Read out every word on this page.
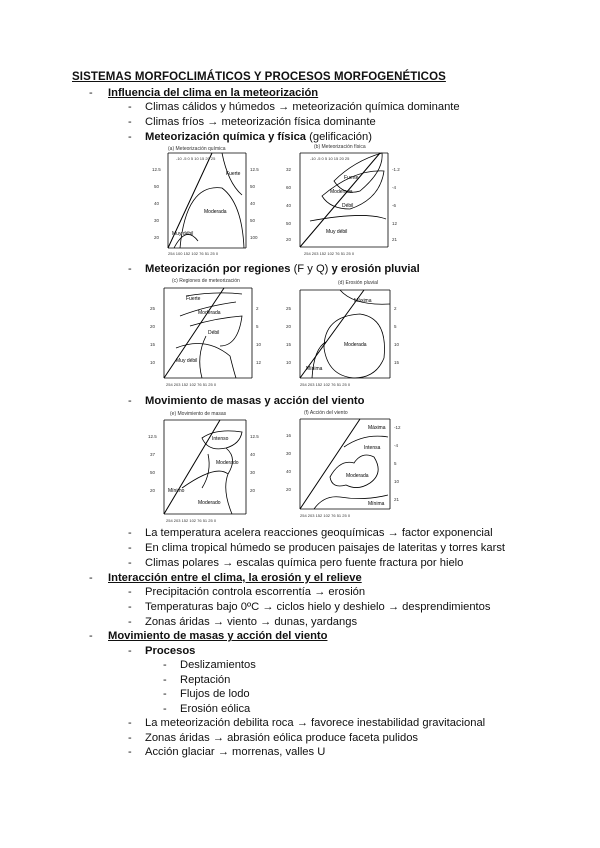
SISTEMAS MORFOCLIMÁTICOS Y PROCESOS MORFOGENÉTICOS
- Influencia del clima en la meteorización
- Climas cálidos y húmedos → meteorización química dominante
- Climas fríos → meteorización física dominante
- Meteorización química y física (gelificación)
(a) Meteorización química
Fuerte
Moderada
Muy débil
12.5
50
40
30
20
12.5
50
40
50
100
254 100 152 102 76 51 25 0
-10 -5 0 5 10 15 20 25
(b) Meteorización física
Fuerte
Moderada
Débil
Muy débil
32
60
40
50
20
-1.2
-4
-6
12
21
254 203 152 102 76 51 25 0
-10 -5 0 5 10 15 20 25
- Meteorización por regiones (F y Q) y erosión pluvial
(c) Regiones de meteorización
Fuerte
Moderada
Débil
Muy débil
25
20
15
10
2
5
10
12
254 203 152 102 76 51 25 0
(d) Erosión pluvial
Máxima
Moderada
Mínima
25
20
15
10
2
5
10
15
254 203 152 102 76 51 25 0
- Movimiento de masas y acción del viento
(e) Movimiento de masas
Intenso
Moderado
Mínimo
Moderado
12.5
37
50
20
12.5
40
30
20
254 203 152 102 76 51 25 0
(f) Acción del viento
Máxima
Intensa
Moderada
Mínima
16
30
40
20
-12
-4
5
10
21
254 203 152 102 76 51 25 0
- La temperatura acelera reacciones geoquímicas → factor exponencial
- En clima tropical húmedo se producen paisajes de lateritas y torres karst
- Climas polares → escalas química pero fuente fractura por hielo
- Interacción entre el clima, la erosión y el relieve
- Precipitación controla escorrentía → erosión
- Temperaturas bajo 0ºC → ciclos hielo y deshielo → desprendimientos
- Zonas áridas → viento → dunas, yardangs
- Movimiento de masas y acción del viento
- Procesos
- Deslizamientos
- Reptación
- Flujos de lodo
- Erosión eólica
- La meteorización debilita roca → favorece inestabilidad gravitacional
- Zonas áridas → abrasión eólica produce faceta pulidos
- Acción glaciar → morrenas, valles U
